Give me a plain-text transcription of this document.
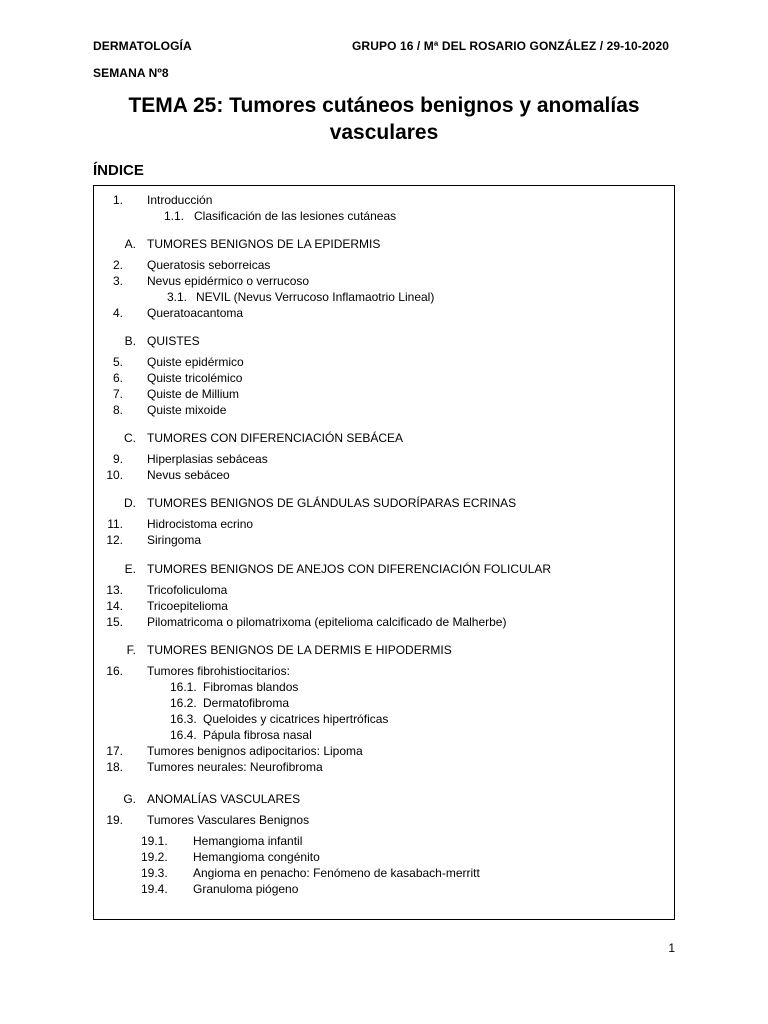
DERMATOLOGÍA	GRUPO 16 / Mª DEL ROSARIO GONZÁLEZ / 29-10-2020
SEMANA Nº8
TEMA 25: Tumores cutáneos benignos y anomalías vasculares
ÍNDICE
1. Introducción
1.1. Clasificación de las lesiones cutáneas
A. TUMORES BENIGNOS DE LA EPIDERMIS
2. Queratosis seborreicas
3. Nevus epidérmico o verrucoso
3.1. NEVIL (Nevus Verrucoso Inflamaotrio Lineal)
4. Queratoacantoma
B. QUISTES
5. Quiste epidérmico
6. Quiste tricolémico
7. Quiste de Millium
8. Quiste mixoide
C. TUMORES CON DIFERENCIACIÓN SEBÁCEA
9. Hiperplasias sebáceas
10. Nevus sebáceo
D. TUMORES BENIGNOS DE GLÁNDULAS SUDORÍPARAS ECRINAS
11. Hidrocistoma ecrino
12. Siringoma
E. TUMORES BENIGNOS DE ANEJOS CON DIFERENCIACIÓN FOLICULAR
13. Tricofoliculoma
14. Tricoepitelioma
15. Pilomatricoma o pilomatrixoma (epitelioma calcificado de Malherbe)
F. TUMORES BENIGNOS DE LA DERMIS E HIPODERMIS
16. Tumores fibrohistiocitarios:
16.1. Fibromas blandos
16.2. Dermatofibroma
16.3. Queloides y cicatrices hipertróficas
16.4. Pápula fibrosa nasal
17. Tumores benignos adipocitarios: Lipoma
18. Tumores neurales: Neurofibroma
G. ANOMALÍAS VASCULARES
19. Tumores Vasculares Benignos
19.1. Hemangioma infantil
19.2. Hemangioma congénito
19.3. Angioma en penacho: Fenómeno de kasabach-merritt
19.4. Granuloma piógeno
1
